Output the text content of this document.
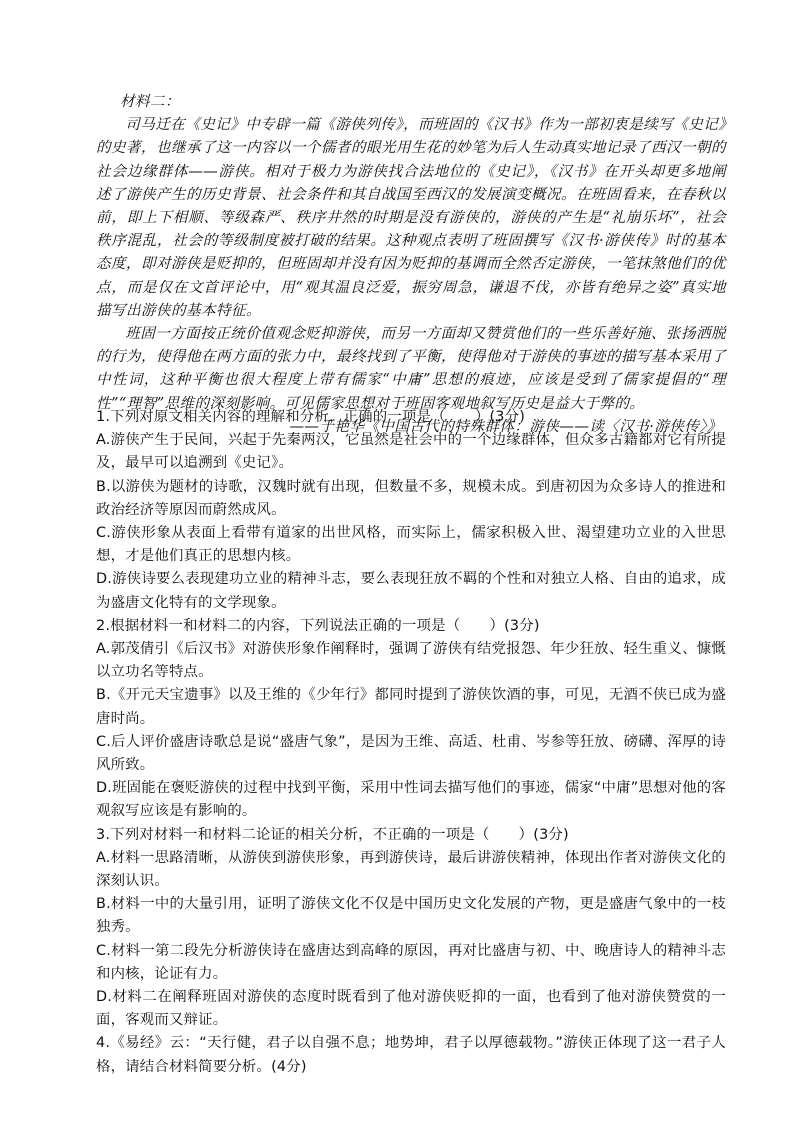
材料二：

司马迁在《史记》中专辟一篇《游侠列传》，而班固的《汉书》作为一部初衷是续写《史记》的史著，也继承了这一内容以一个儒者的眼光用生花的妙笔为后人生动真实地记录了西汉一朝的社会边缘群体——游侠。相对于极力为游侠找合法地位的《史记》，《汉书》在开头却更多地阐述了游侠产生的历史背景、社会条件和其自战国至西汉的发展演变概况。在班固看来，在春秋以前，即上下相顺、等级森严、秩序井然的时期是没有游侠的，游侠的产生是“礼崩乐坏”，社会秩序混乱，社会的等级制度被打破的结果。这种观点表明了班固撰写《汉书·游侠传》时的基本态度，即对游侠是贬抑的，但班固却并没有因为贬抑的基调而全然否定游侠，一笔抹煞他们的优点，而是仅在文首评论中，用“观其温良泛爱，振穷周急，谦退不伐，亦皆有绝异之姿”真实地描写出游侠的基本特征。

班固一方面按正统价值观念贬抑游侠，而另一方面却又赞赏他们的一些乐善好施、张扬洒脱的行为，使得他在两方面的张力中，最终找到了平衡，使得他对于游侠的事迹的描写基本采用了中性词，这种平衡也很大程度上带有儒家“中庸”思想的痕迹，应该是受到了儒家提倡的“理性”“理智”思维的深刻影响。可见儒家思想对于班固客观地叙写历史是益大于弊的。

——于艳华《中国古代的特殊群体：游侠——读〈汉书·游侠传〉》
1.下列对原文相关内容的理解和分析，正确的一项是（　　）(3分)
A.游侠产生于民间，兴起于先秦两汉，它虽然是社会中的一个边缘群体，但众多古籍都对它有所提及，最早可以追溯到《史记》。
B.以游侠为题材的诗歌，汉魏时就有出现，但数量不多，规模未成。到唐初因为众多诗人的推进和政治经济等原因而蔚然成风。
C.游侠形象从表面上看带有道家的出世风格，而实际上，儒家积极入世、渴望建功立业的入世思想，才是他们真正的思想内核。
D.游侠诗要么表现建功立业的精神斗志，要么表现狂放不羁的个性和对独立人格、自由的追求，成为盛唐文化特有的文学现象。
2.根据材料一和材料二的内容，下列说法正确的一项是（　　）(3分)
A.郭茂倩引《后汉书》对游侠形象作阐释时，强调了游侠有结党报怨、年少狂放、轻生重义、慷慨以立功名等特点。
B.《开元天宝遗事》以及王维的《少年行》都同时提到了游侠饮酒的事，可见，无酒不侠已成为盛唐时尚。
C.后人评价盛唐诗歌总是说“盛唐气象”，是因为王维、高适、杜甫、岑参等狂放、磅礴、浑厚的诗风所致。
D.班固能在褒贬游侠的过程中找到平衡，采用中性词去描写他们的事迹，儒家“中庸”思想对他的客观叙写应该是有影响的。
3.下列对材料一和材料二论证的相关分析，不正确的一项是（　　）(3分)
A.材料一思路清晰，从游侠到游侠形象，再到游侠诗，最后讲游侠精神，体现出作者对游侠文化的深刻认识。
B.材料一中的大量引用，证明了游侠文化不仅是中国历史文化发展的产物，更是盛唐气象中的一枝独秀。
C.材料一第二段先分析游侠诗在盛唐达到高峰的原因，再对比盛唐与初、中、晚唐诗人的精神斗志和内核，论证有力。
D.材料二在阐释班固对游侠的态度时既看到了他对游侠贬抑的一面，也看到了他对游侠赞赏的一面，客观而又辩证。
4.《易经》云：“天行健，君子以自强不息；地势坤，君子以厚德载物。”游侠正体现了这一君子人格，请结合材料简要分析。(4分)
